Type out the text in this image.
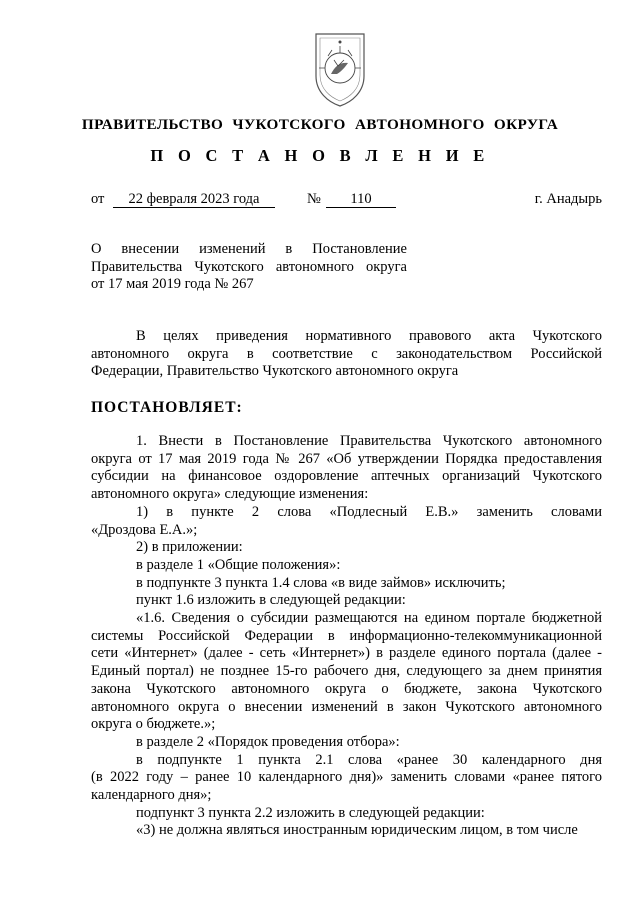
ПРАВИТЕЛЬСТВО ЧУКОТСКОГО АВТОНОМНОГО ОКРУГА
П О С Т А Н О В Л Е Н И Е
от	22 февраля 2023 года	№	110	г. Анадырь

О внесении изменений в Постановление

Правительства Чукотского автономного округа

от 17 мая 2019 года № 267

В целях приведения нормативного правового акта Чукотского

автономного округа в соответствие с законодательством Российской

Федерации, Правительство Чукотского автономного округа

ПОСТАНОВЛЯЕТ:

1. Внести в Постановление Правительства Чукотского автономного

округа от 17 мая 2019 года № 267 «Об утверждении Порядка предоставления

субсидии на финансовое оздоровление аптечных организаций Чукотского

автономного округа» следующие изменения:

1) в пункте 2 слова «Подлесный Е.В.» заменить словами

«Дроздова Е.А.»;

2) в приложении:

в разделе 1 «Общие положения»:

в подпункте 3 пункта 1.4 слова «в виде займов» исключить;

пункт 1.6 изложить в следующей редакции:

«1.6. Сведения о субсидии размещаются на едином портале бюджетной

системы Российской Федерации в информационно-телекоммуникационной

сети «Интернет» (далее - сеть «Интернет») в разделе единого портала (далее -

Единый портал) не позднее 15-го рабочего дня, следующего за днем принятия

закона Чукотского автономного округа о бюджете, закона Чукотского

автономного округа о внесении изменений в закон Чукотского автономного

округа о бюджете.»;

в разделе 2 «Порядок проведения отбора»:

в подпункте 1 пункта 2.1 слова «ранее 30 календарного дня

(в 2022 году – ранее 10 календарного дня)» заменить словами «ранее пятого

календарного дня»;

подпункт 3 пункта 2.2 изложить в следующей редакции:

«3) не должна являться иностранным юридическим лицом, в том числе
